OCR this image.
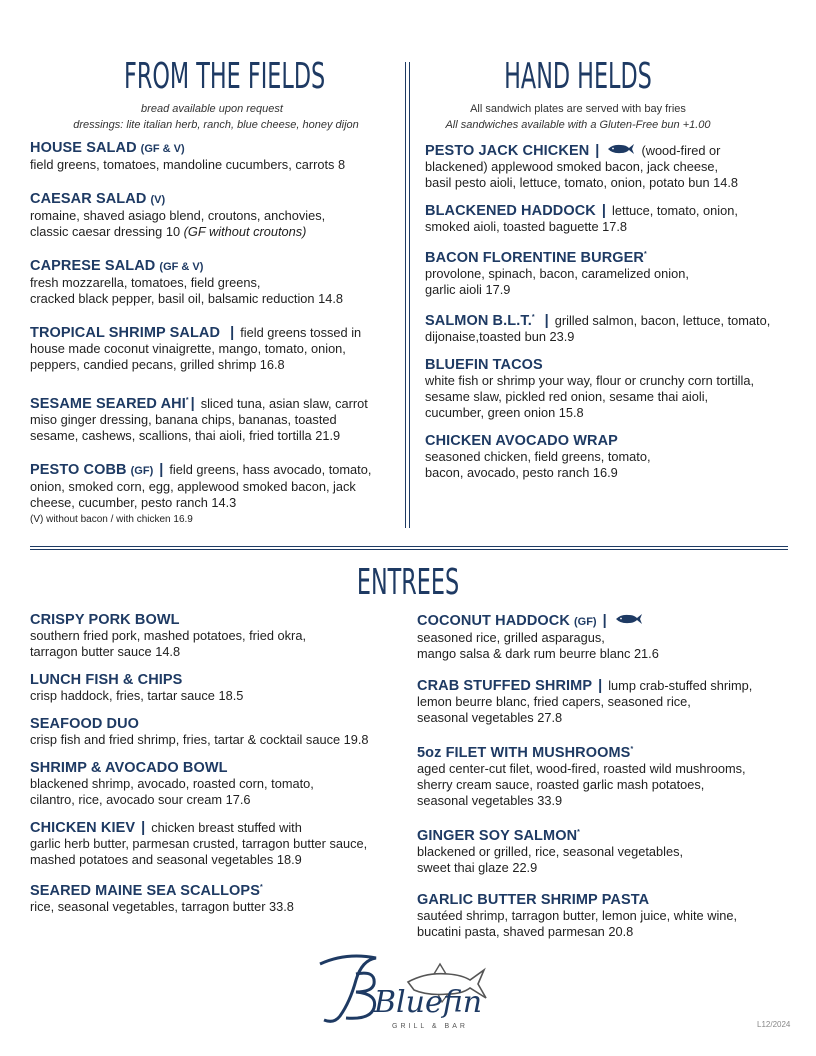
FROM THE FIELDS
bread available upon request
dressings: lite italian herb, ranch, blue cheese, honey dijon
HAND HELDS
All sandwich plates are served with bay fries
All sandwiches available with a Gluten-Free bun +1.00
HOUSE SALAD (GF & V)
field greens, tomatoes, mandoline cucumbers, carrots 8
CAESAR SALAD (V)
romaine, shaved asiago blend, croutons, anchovies,
classic caesar dressing 10 (GF without croutons)
CAPRESE SALAD (GF & V)
fresh mozzarella, tomatoes, field greens,
cracked black pepper, basil oil, balsamic reduction 14.8
TROPICAL SHRIMP SALAD  | field greens tossed in
house made coconut vinaigrette, mango, tomato, onion,
peppers, candied pecans, grilled shrimp 16.8
SESAME SEARED AHI* | sliced tuna, asian slaw, carrot
miso ginger dressing, banana chips, bananas, toasted
sesame, cashews, scallions, thai aioli, fried tortilla 21.9
PESTO COBB (GF) | field greens, hass avocado, tomato,
onion, smoked corn, egg, applewood smoked bacon, jack
cheese, cucumber, pesto ranch 14.3
(V) without bacon / with chicken 16.9
PESTO JACK CHICKEN |	(wood-fired or
blackened) applewood smoked bacon, jack cheese,
basil pesto aioli, lettuce, tomato, onion, potato bun 14.8
BLACKENED HADDOCK | lettuce, tomato, onion,
smoked aioli, toasted baguette 17.8
BACON FLORENTINE BURGER*
provolone, spinach, bacon, caramelized onion,
garlic aioli 17.9
SALMON B.L.T.*  | grilled salmon, bacon, lettuce, tomato,
dijonaise,toasted bun 23.9
BLUEFIN TACOS
white fish or shrimp your way, flour or crunchy corn tortilla,
sesame slaw, pickled red onion, sesame thai aioli,
cucumber, green onion 15.8
CHICKEN AVOCADO WRAP
seasoned chicken, field greens, tomato,
bacon, avocado, pesto ranch 16.9
ENTREES
CRISPY PORK BOWL
southern fried pork, mashed potatoes, fried okra,
tarragon butter sauce 14.8
LUNCH FISH & CHIPS
crisp haddock, fries, tartar sauce 18.5
SEAFOOD DUO
crisp fish and fried shrimp, fries, tartar & cocktail sauce 19.8
SHRIMP & AVOCADO BOWL
blackened shrimp, avocado, roasted corn, tomato,
cilantro, rice, avocado sour cream 17.6
CHICKEN KIEV | chicken breast stuffed with
garlic herb butter, parmesan crusted, tarragon butter sauce,
mashed potatoes and seasonal vegetables 18.9
SEARED MAINE SEA SCALLOPS*
rice, seasonal vegetables, tarragon butter 33.8
COCONUT HADDOCK (GF) |
seasoned rice, grilled asparagus,
mango salsa & dark rum beurre blanc 21.6
CRAB STUFFED SHRIMP | lump crab-stuffed shrimp,
lemon beurre blanc, fried capers, seasoned rice,
seasonal vegetables 27.8
5oz FILET WITH MUSHROOMS*
aged center-cut filet, wood-fired, roasted wild mushrooms,
sherry cream sauce, roasted garlic mash potatoes,
seasonal vegetables 33.9
GINGER SOY SALMON*
blackened or grilled, rice, seasonal vegetables,
sweet thai glaze 22.9
GARLIC BUTTER SHRIMP PASTA
sautéed shrimp, tarragon butter, lemon juice, white wine,
bucatini pasta, shaved parmesan 20.8
Bluefin
GRILL & BAR	L12/2024
